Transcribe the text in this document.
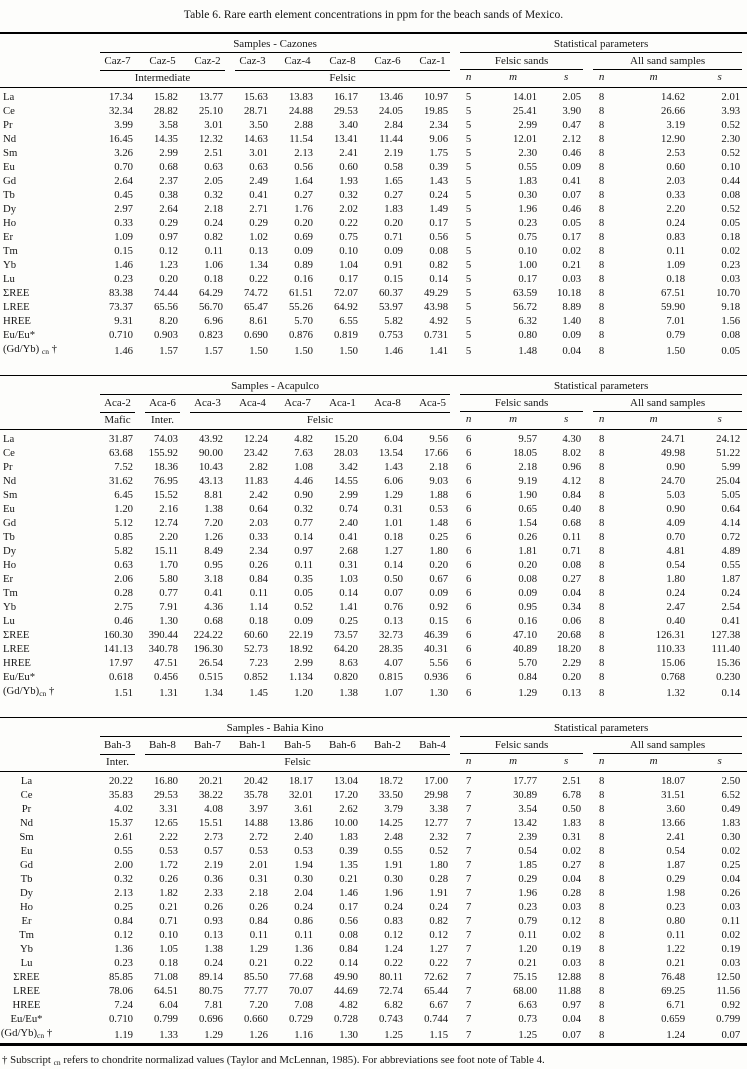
Table 6. Rare earth element concentrations in ppm for the beach sands of Mexico.

	Samples - Cazones								Statistical parameters					

	Caz-7	Caz-5	Caz-2	Caz-3	Caz-4	Caz-8	Caz-6	Caz-1	Felsic sands			All sand samples		

	Intermediate			Felsic					n	m	s	n	m	s
La	17.34	15.82	13.77	15.63	13.83	16.17	13.46	10.97	5	14.01	2.05	8	14.62	2.01
Ce	32.34	28.82	25.10	28.71	24.88	29.53	24.05	19.85	5	25.41	3.90	8	26.66	3.93
Pr	3.99	3.58	3.01	3.50	2.88	3.40	2.84	2.34	5	2.99	0.47	8	3.19	0.52
Nd	16.45	14.35	12.32	14.63	11.54	13.41	11.44	9.06	5	12.01	2.12	8	12.90	2.30
Sm	3.26	2.99	2.51	3.01	2.13	2.41	2.19	1.75	5	2.30	0.46	8	2.53	0.52
Eu	0.70	0.68	0.63	0.63	0.56	0.60	0.58	0.39	5	0.55	0.09	8	0.60	0.10
Gd	2.64	2.37	2.05	2.49	1.64	1.93	1.65	1.43	5	1.83	0.41	8	2.03	0.44
Tb	0.45	0.38	0.32	0.41	0.27	0.32	0.27	0.24	5	0.30	0.07	8	0.33	0.08
Dy	2.97	2.64	2.18	2.71	1.76	2.02	1.83	1.49	5	1.96	0.46	8	2.20	0.52
Ho	0.33	0.29	0.24	0.29	0.20	0.22	0.20	0.17	5	0.23	0.05	8	0.24	0.05
Er	1.09	0.97	0.82	1.02	0.69	0.75	0.71	0.56	5	0.75	0.17	8	0.83	0.18
Tm	0.15	0.12	0.11	0.13	0.09	0.10	0.09	0.08	5	0.10	0.02	8	0.11	0.02
Yb	1.46	1.23	1.06	1.34	0.89	1.04	0.91	0.82	5	1.00	0.21	8	1.09	0.23
Lu	0.23	0.20	0.18	0.22	0.16	0.17	0.15	0.14	5	0.17	0.03	8	0.18	0.03
ΣREE	83.38	74.44	64.29	74.72	61.51	72.07	60.37	49.29	5	63.59	10.18	8	67.51	10.70
LREE	73.37	65.56	56.70	65.47	55.26	64.92	53.97	43.98	5	56.72	8.89	8	59.90	9.18
HREE	9.31	8.20	6.96	8.61	5.70	6.55	5.82	4.92	5	6.32	1.40	8	7.01	1.56
Eu/Eu*	0.710	0.903	0.823	0.690	0.876	0.819	0.753	0.731	5	0.80	0.09	8	0.79	0.08
(Gd/Yb) cn †	1.46	1.57	1.57	1.50	1.50	1.50	1.46	1.41	5	1.48	0.04	8	1.50	0.05

	Samples - Acapulco								Statistical parameters					

	Aca-2	Aca-6	Aca-3	Aca-4	Aca-7	Aca-1	Aca-8	Aca-5	Felsic sands			All sand samples		

	Mafic	Inter.	Felsic						n	m	s	n	m	s
La	31.87	74.03	43.92	12.24	4.82	15.20	6.04	9.56	6	9.57	4.30	8	24.71	24.12
Ce	63.68	155.92	90.00	23.42	7.63	28.03	13.54	17.66	6	18.05	8.02	8	49.98	51.22
Pr	7.52	18.36	10.43	2.82	1.08	3.42	1.43	2.18	6	2.18	0.96	8	0.90	5.99
Nd	31.62	76.95	43.13	11.83	4.46	14.55	6.06	9.03	6	9.19	4.12	8	24.70	25.04
Sm	6.45	15.52	8.81	2.42	0.90	2.99	1.29	1.88	6	1.90	0.84	8	5.03	5.05
Eu	1.20	2.16	1.38	0.64	0.32	0.74	0.31	0.53	6	0.65	0.40	8	0.90	0.64
Gd	5.12	12.74	7.20	2.03	0.77	2.40	1.01	1.48	6	1.54	0.68	8	4.09	4.14
Tb	0.85	2.20	1.26	0.33	0.14	0.41	0.18	0.25	6	0.26	0.11	8	0.70	0.72
Dy	5.82	15.11	8.49	2.34	0.97	2.68	1.27	1.80	6	1.81	0.71	8	4.81	4.89
Ho	0.63	1.70	0.95	0.26	0.11	0.31	0.14	0.20	6	0.20	0.08	8	0.54	0.55
Er	2.06	5.80	3.18	0.84	0.35	1.03	0.50	0.67	6	0.08	0.27	8	1.80	1.87
Tm	0.28	0.77	0.41	0.11	0.05	0.14	0.07	0.09	6	0.09	0.04	8	0.24	0.24
Yb	2.75	7.91	4.36	1.14	0.52	1.41	0.76	0.92	6	0.95	0.34	8	2.47	2.54
Lu	0.46	1.30	0.68	0.18	0.09	0.25	0.13	0.15	6	0.16	0.06	8	0.40	0.41
ΣREE	160.30	390.44	224.22	60.60	22.19	73.57	32.73	46.39	6	47.10	20.68	8	126.31	127.38
LREE	141.13	340.78	196.30	52.73	18.92	64.20	28.35	40.31	6	40.89	18.20	8	110.33	111.40
HREE	17.97	47.51	26.54	7.23	2.99	8.63	4.07	5.56	6	5.70	2.29	8	15.06	15.36
Eu/Eu*	0.618	0.456	0.515	0.852	1.134	0.820	0.815	0.936	6	0.84	0.20	8	0.768	0.230
(Gd/Yb)cn †	1.51	1.31	1.34	1.45	1.20	1.38	1.07	1.30	6	1.29	0.13	8	1.32	0.14

	Samples - Bahia Kino								Statistical parameters					

	Bah-3	Bah-8	Bah-7	Bah-1	Bah-5	Bah-6	Bah-2	Bah-4	Felsic sands			All sand samples		

	Inter.	Felsic							n	m	s	n	m	s
La	20.22	16.80	20.21	20.42	18.17	13.04	18.72	17.00	7	17.77	2.51	8	18.07	2.50
Ce	35.83	29.53	38.22	35.78	32.01	17.20	33.50	29.98	7	30.89	6.78	8	31.51	6.52
Pr	4.02	3.31	4.08	3.97	3.61	2.62	3.79	3.38	7	3.54	0.50	8	3.60	0.49
Nd	15.37	12.65	15.51	14.88	13.86	10.00	14.25	12.77	7	13.42	1.83	8	13.66	1.83
Sm	2.61	2.22	2.73	2.72	2.40	1.83	2.48	2.32	7	2.39	0.31	8	2.41	0.30
Eu	0.55	0.53	0.57	0.53	0.53	0.39	0.55	0.52	7	0.54	0.02	8	0.54	0.02
Gd	2.00	1.72	2.19	2.01	1.94	1.35	1.91	1.80	7	1.85	0.27	8	1.87	0.25
Tb	0.32	0.26	0.36	0.31	0.30	0.21	0.30	0.28	7	0.29	0.04	8	0.29	0.04
Dy	2.13	1.82	2.33	2.18	2.04	1.46	1.96	1.91	7	1.96	0.28	8	1.98	0.26
Ho	0.25	0.21	0.26	0.26	0.24	0.17	0.24	0.24	7	0.23	0.03	8	0.23	0.03
Er	0.84	0.71	0.93	0.84	0.86	0.56	0.83	0.82	7	0.79	0.12	8	0.80	0.11
Tm	0.12	0.10	0.13	0.11	0.11	0.08	0.12	0.12	7	0.11	0.02	8	0.11	0.02
Yb	1.36	1.05	1.38	1.29	1.36	0.84	1.24	1.27	7	1.20	0.19	8	1.22	0.19
Lu	0.23	0.18	0.24	0.21	0.22	0.14	0.22	0.22	7	0.21	0.03	8	0.21	0.03
ΣREE	85.85	71.08	89.14	85.50	77.68	49.90	80.11	72.62	7	75.15	12.88	8	76.48	12.50
LREE	78.06	64.51	80.75	77.77	70.07	44.69	72.74	65.44	7	68.00	11.88	8	69.25	11.56
HREE	7.24	6.04	7.81	7.20	7.08	4.82	6.82	6.67	7	6.63	0.97	8	6.71	0.92
Eu/Eu*	0.710	0.799	0.696	0.660	0.729	0.728	0.743	0.744	7	0.73	0.04	8	0.659	0.799
(Gd/Yb)cn †	1.19	1.33	1.29	1.26	1.16	1.30	1.25	1.15	7	1.25	0.07	8	1.24	0.07
† Subscript cn refers to chondrite normalizad values (Taylor and McLennan, 1985). For abbreviations see foot note of Table 4.
